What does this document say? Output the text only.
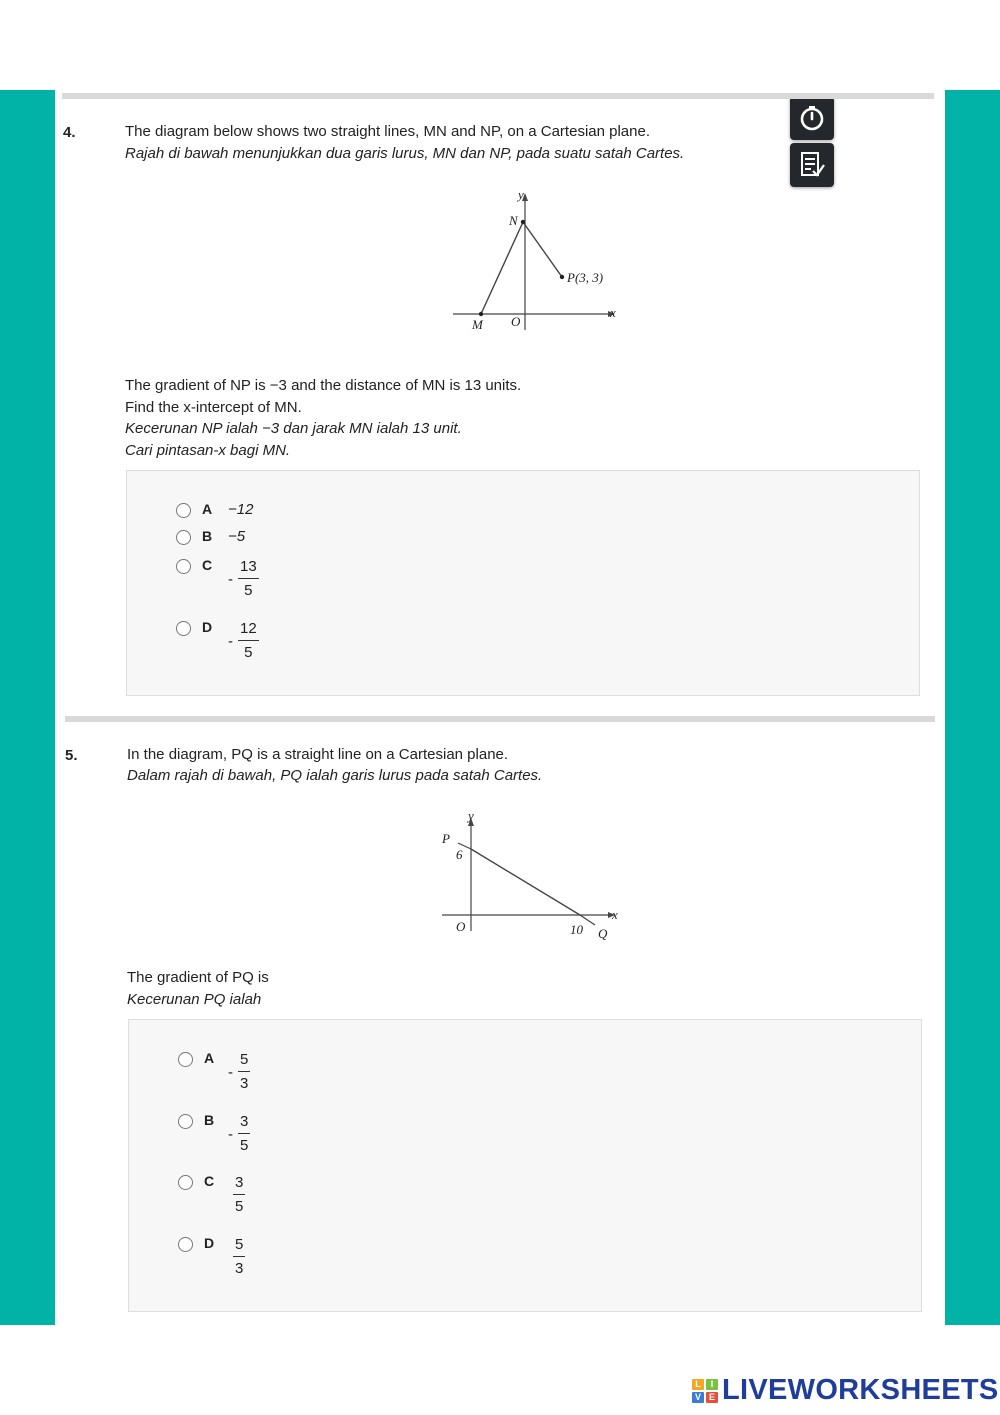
4.	The diagram below shows two straight lines, MN and NP, on a Cartesian plane.
Rajah di bawah menunjukkan dua garis lurus, MN dan NP, pada suatu satah Cartes.
y
N
P(3, 3)
M O
x
The gradient of NP is −3 and the distance of MN is 13 units.
Find the x-intercept of MN.
Kecerunan NP ialah −3 dan jarak MN ialah 13 unit.
Cari pintasan-x bagi MN.
A −12
B −5
C
- $\frac{13}{5}$
D
- $\frac{12}{5}$
5.	In the diagram, PQ is a straight line on a Cartesian plane.
Dalam rajah di bawah, PQ ialah garis lurus pada satah Cartes.
y
P
6
O	10 Q
x
The gradient of PQ is
Kecerunan PQ ialah
A
- $\frac{5}{3}$
B
- $\frac{3}{5}$
C $\frac{3}{5}$
D $\frac{5}{3}$
L	I
V E LIVEWORKSHEETS
